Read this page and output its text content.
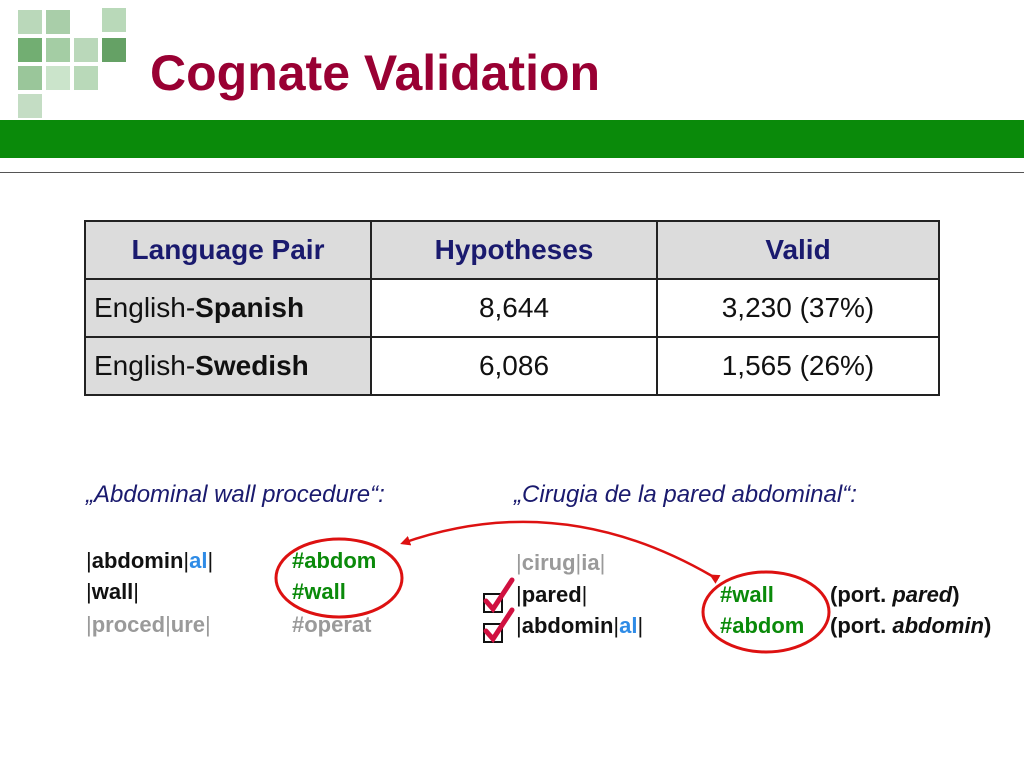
Cognate Validation
Language Pair	Hypotheses	Valid
English-Spanish	8,644	3,230 (37%)
English-Swedish	6,086	1,565 (26%)
„Abdominal wall procedure“:
|abdomin|al|	#abdom
|wall|	#wall
|proced|ure|	#operat
„Cirugia de la pared abdominal“:
|cirug|ia|
|pared|	#wall	(port. pared)
|abdomin|al|	#abdom (port. abdomin)
